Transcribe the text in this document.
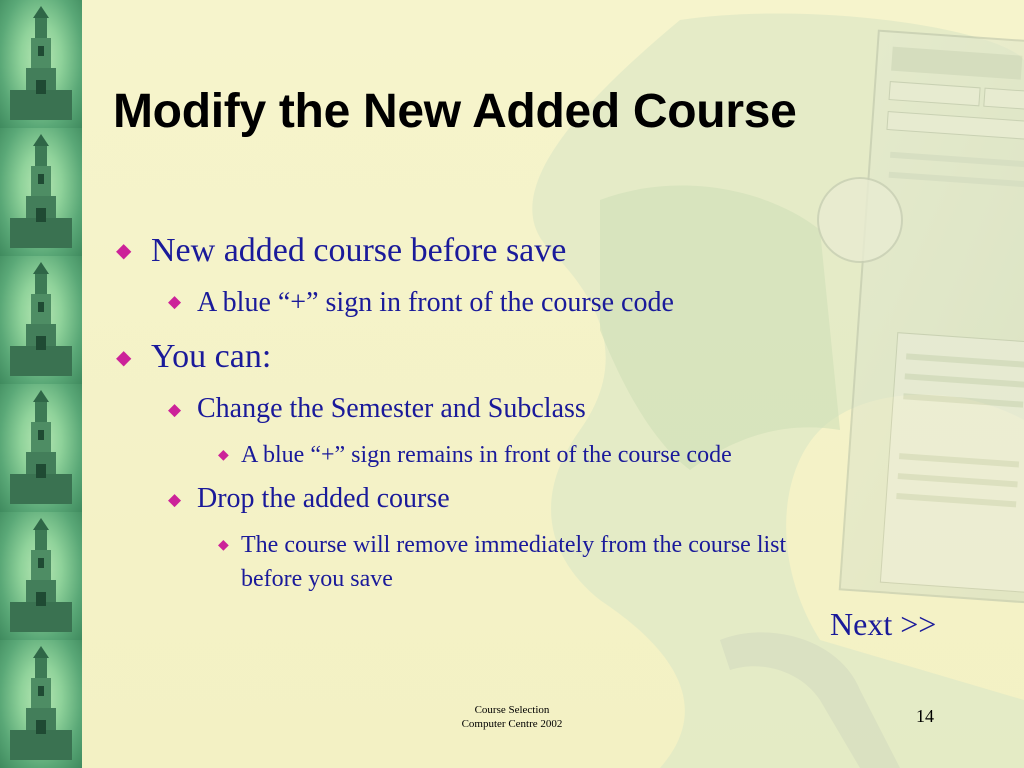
Modify the New Added Course
◆ New added course before save
◆ A blue “+” sign in front of the course code
◆ You can:
◆ Change the Semester and Subclass
◆ A blue “+” sign remains in front of the course code
◆ Drop the added course
◆ The course will remove immediately from the course list
before you save
Next >>
Course Selection
Computer Centre 2002	14
